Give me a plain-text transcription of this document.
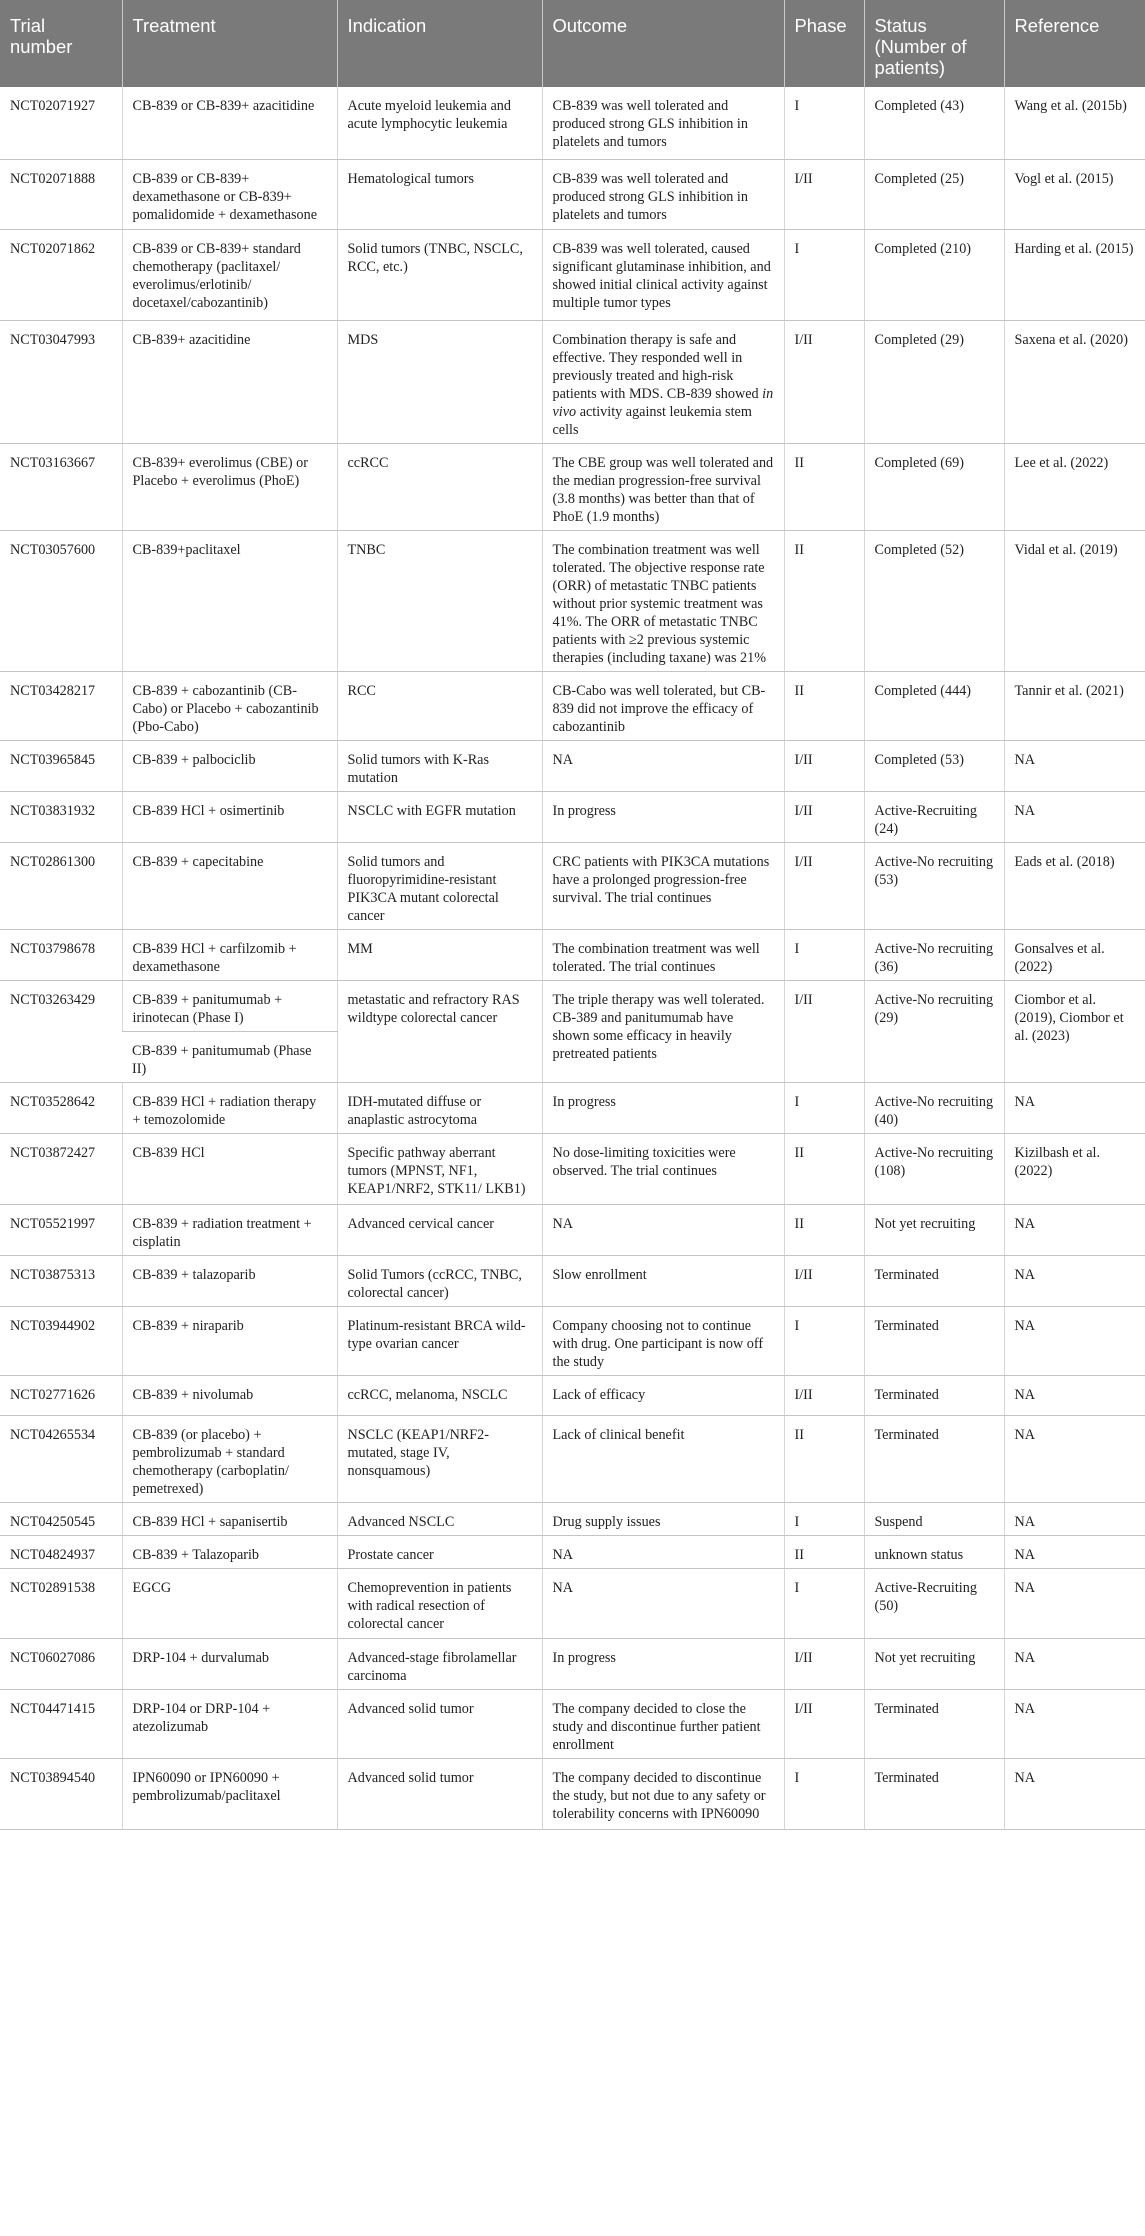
Trial number	Treatment	Indication	Outcome	Phase	Status (Number of patients)	Reference
NCT02071927	CB-839 or CB-839+ azacitidine	Acute myeloid leukemia and acute lymphocytic leukemia	CB-839 was well tolerated and produced strong GLS inhibition in platelets and tumors	I	Completed (43)	Wang et al. (2015b)
NCT02071888	CB-839 or CB-839+ dexamethasone or CB-839+ pomalidomide + dexamethasone	Hematological tumors	CB-839 was well tolerated and produced strong GLS inhibition in platelets and tumors	I/II	Completed (25)	Vogl et al. (2015)
NCT02071862	CB-839 or CB-839+ standard chemotherapy (paclitaxel/ everolimus/erlotinib/ docetaxel/cabozantinib)	Solid tumors (TNBC, NSCLC, RCC, etc.)	CB-839 was well tolerated, caused significant glutaminase inhibition, and showed initial clinical activity against multiple tumor types	I	Completed (210)	Harding et al. (2015)
NCT03047993	CB-839+ azacitidine	MDS	Combination therapy is safe and effective. They responded well in previously treated and high-risk patients with MDS. CB-839 showed in vivo activity against leukemia stem cells	I/II	Completed (29)	Saxena et al. (2020)
NCT03163667	CB-839+ everolimus (CBE) or Placebo + everolimus (PhoE)	ccRCC	The CBE group was well tolerated and the median progression-free survival (3.8 months) was better than that of PhoE (1.9 months)	II	Completed (69)	Lee et al. (2022)
NCT03057600	CB-839+paclitaxel	TNBC	The combination treatment was well tolerated. The objective response rate (ORR) of metastatic TNBC patients without prior systemic treatment was 41%. The ORR of metastatic TNBC patients with ≥2 previous systemic therapies (including taxane) was 21%	II	Completed (52)	Vidal et al. (2019)
NCT03428217	CB-839 + cabozantinib (CB-Cabo) or Placebo + cabozantinib (Pbo-Cabo)	RCC	CB-Cabo was well tolerated, but CB-839 did not improve the efficacy of cabozantinib	II	Completed (444)	Tannir et al. (2021)
NCT03965845	CB-839 + palbociclib	Solid tumors with K-Ras mutation	NA	I/II	Completed (53)	NA
NCT03831932	CB-839 HCl + osimertinib	NSCLC with EGFR mutation	In progress	I/II	Active-Recruiting (24)	NA
NCT02861300	CB-839 + capecitabine	Solid tumors and fluoropyrimidine-resistant PIK3CA mutant colorectal cancer	CRC patients with PIK3CA mutations have a prolonged progression-free survival. The trial continues	I/II	Active-No recruiting (53)	Eads et al. (2018)
NCT03798678	CB-839 HCl + carfilzomib + dexamethasone	MM	The combination treatment was well tolerated. The trial continues	I	Active-No recruiting (36)	Gonsalves et al. (2022)
NCT03263429	CB-839 + panitumumab + irinotecan (Phase I)	metastatic and refractory RAS wildtype colorectal cancer	The triple therapy was well tolerated. CB-389 and panitumumab have shown some efficacy in heavily pretreated patients	I/II	Active-No recruiting (29)	Ciombor et al. (2019), Ciombor et al. (2023)
	CB-839 + panitumumab (Phase II)					
NCT03528642	CB-839 HCl + radiation therapy + temozolomide	IDH-mutated diffuse or anaplastic astrocytoma	In progress	I	Active-No recruiting (40)	NA
NCT03872427	CB-839 HCl	Specific pathway aberrant tumors (MPNST, NF1, KEAP1/NRF2, STK11/ LKB1)	No dose-limiting toxicities were observed. The trial continues	II	Active-No recruiting (108)	Kizilbash et al. (2022)
NCT05521997	CB-839 + radiation treatment + cisplatin	Advanced cervical cancer	NA	II	Not yet recruiting	NA
NCT03875313	CB-839 + talazoparib	Solid Tumors (ccRCC, TNBC, colorectal cancer)	Slow enrollment	I/II	Terminated	NA
NCT03944902	CB-839 + niraparib	Platinum-resistant BRCA wild-type ovarian cancer	Company choosing not to continue with drug. One participant is now off the study	I	Terminated	NA
NCT02771626	CB-839 + nivolumab	ccRCC, melanoma, NSCLC	Lack of efficacy	I/II	Terminated	NA
NCT04265534	CB-839 (or placebo) + pembrolizumab + standard chemotherapy (carboplatin/ pemetrexed)	NSCLC (KEAP1/NRF2-mutated, stage IV, nonsquamous)	Lack of clinical benefit	II	Terminated	NA
NCT04250545	CB-839 HCl + sapanisertib	Advanced NSCLC	Drug supply issues	I	Suspend	NA
NCT04824937	CB-839 + Talazoparib	Prostate cancer	NA	II	unknown status	NA
NCT02891538	EGCG	Chemoprevention in patients with radical resection of colorectal cancer	NA	I	Active-Recruiting (50)	NA
NCT06027086	DRP-104 + durvalumab	Advanced-stage fibrolamellar carcinoma	In progress	I/II	Not yet recruiting	NA
NCT04471415	DRP-104 or DRP-104 + atezolizumab	Advanced solid tumor	The company decided to close the study and discontinue further patient enrollment	I/II	Terminated	NA
NCT03894540	IPN60090 or IPN60090 + pembrolizumab/paclitaxel	Advanced solid tumor	The company decided to discontinue the study, but not due to any safety or tolerability concerns with IPN60090	I	Terminated	NA
